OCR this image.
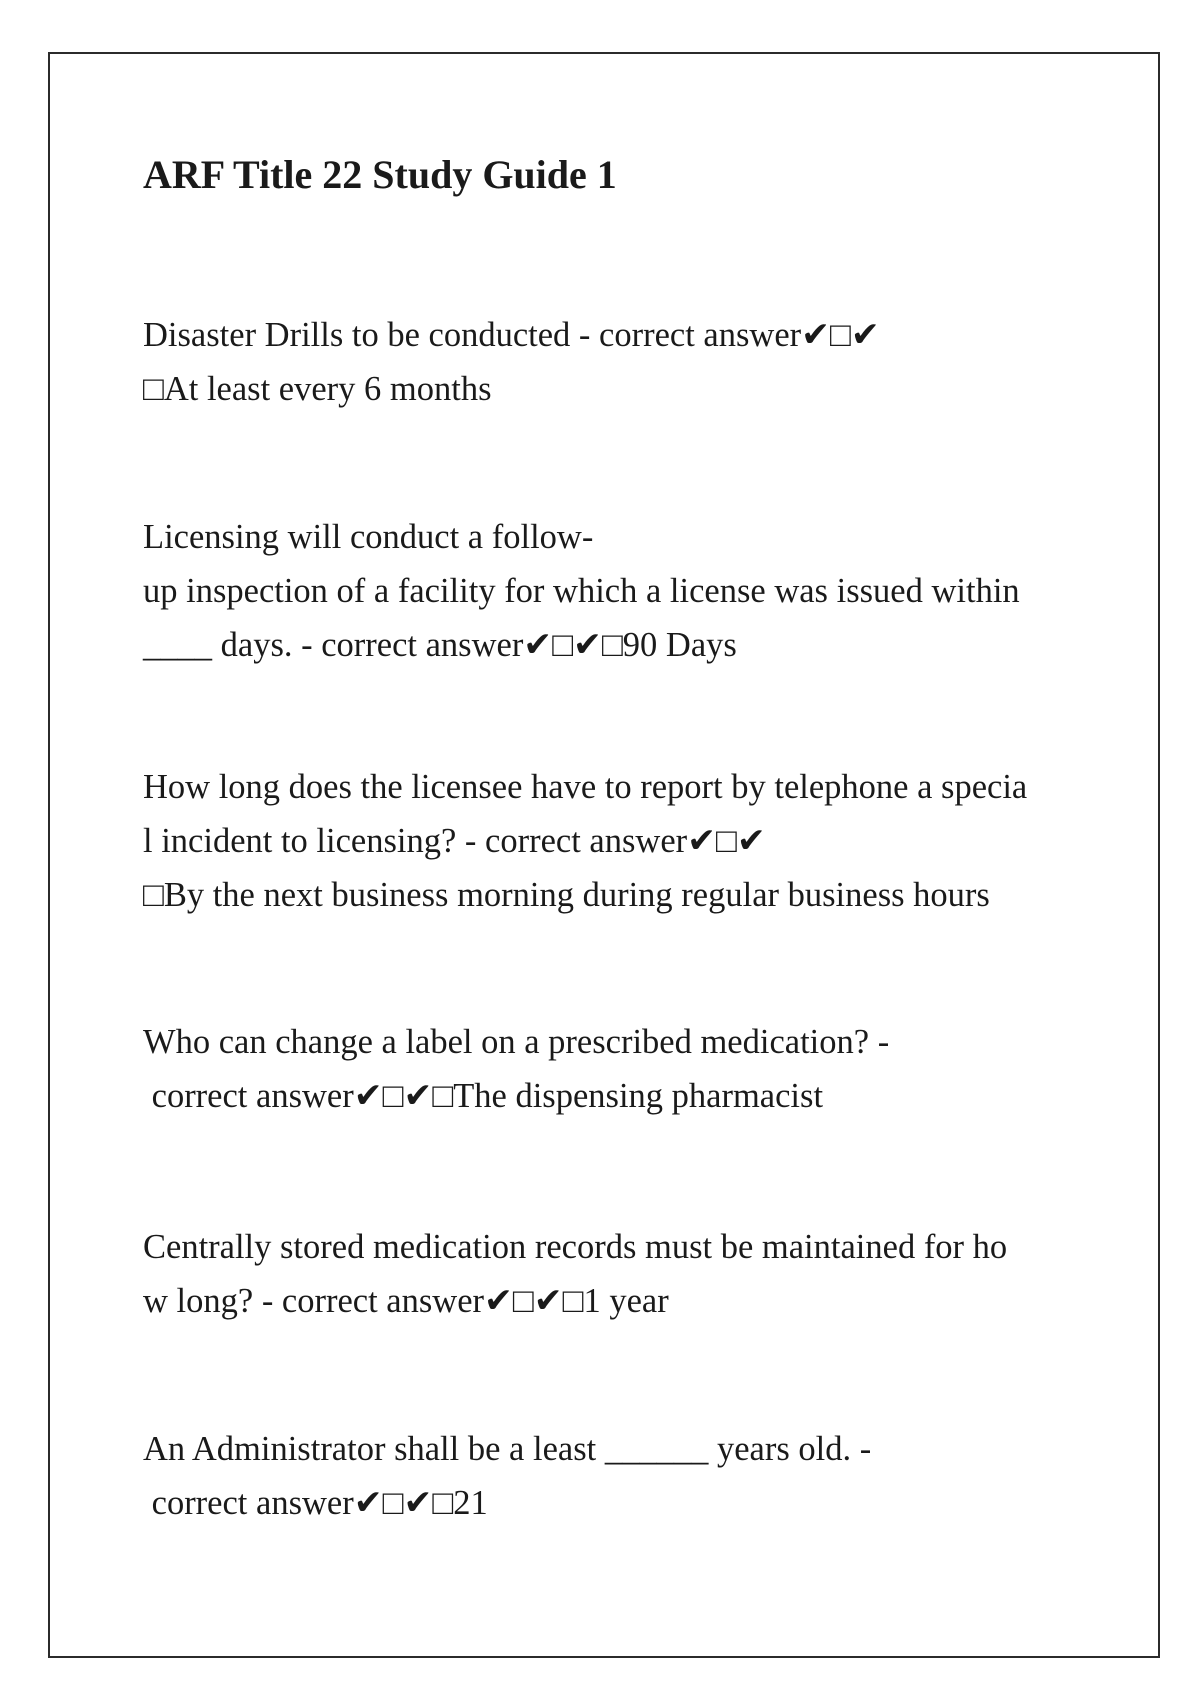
ARF Title 22 Study Guide 1
Disaster Drills to be conducted - correct answer✔□✔
□At least every 6 months
Licensing will conduct a follow-
up inspection of a facility for which a license was issued within
____ days. - correct answer✔□✔□90 Days
How long does the licensee have to report by telephone a specia
l incident to licensing? - correct answer✔□✔
□By the next business morning during regular business hours
Who can change a label on a prescribed medication? -
correct answer✔□✔□The dispensing pharmacist
Centrally stored medication records must be maintained for ho
w long? - correct answer✔□✔□1 year
An Administrator shall be a least ______ years old. -
correct answer✔□✔□21
